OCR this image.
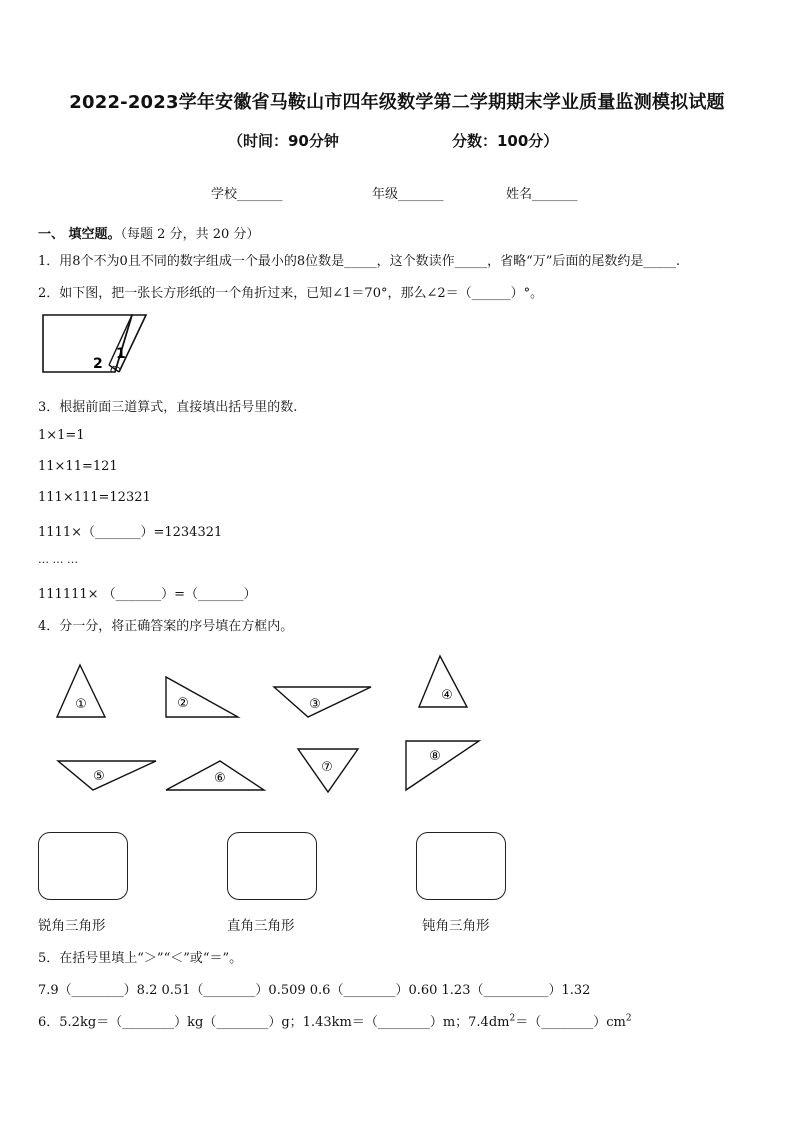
2022-2023学年安徽省马鞍山市四年级数学第二学期期末学业质量监测模拟试题
（时间：90分钟	分数：100分）
学校_______	年级_______	姓名_______
一、 填空题。（每题 2 分，共 20 分）
1．用8个不为0且不同的数字组成一个最小的8位数是_____，这个数读作_____，省略“万”后面的尾数约是_____.
2．如下图，把一张长方形纸的一个角折过来，已知∠1＝70°，那么∠2＝（______）°。
2
1
3．根据前面三道算式，直接填出括号里的数.
1×1=1
11×11=121
111×111=12321
1111×（_______）=1234321
… … …
111111× （_______）=（_______）
4．分一分，将正确答案的序号填在方框内。
①	②	③
④
⑤	⑥
⑦
⑧
锐角三角形	直角三角形	钝角三角形
5．在括号里填上“＞”“＜”或“＝”。
7.9（________）8.2 0.51（________）0.509 0.6（________）0.60 1.23（__________）1.32
6．5.2kg＝（________）kg（________）g；1.43km＝（________）m；$7.4dm^2=(\_\_\_\_\_\_\_\_)cm^2$
